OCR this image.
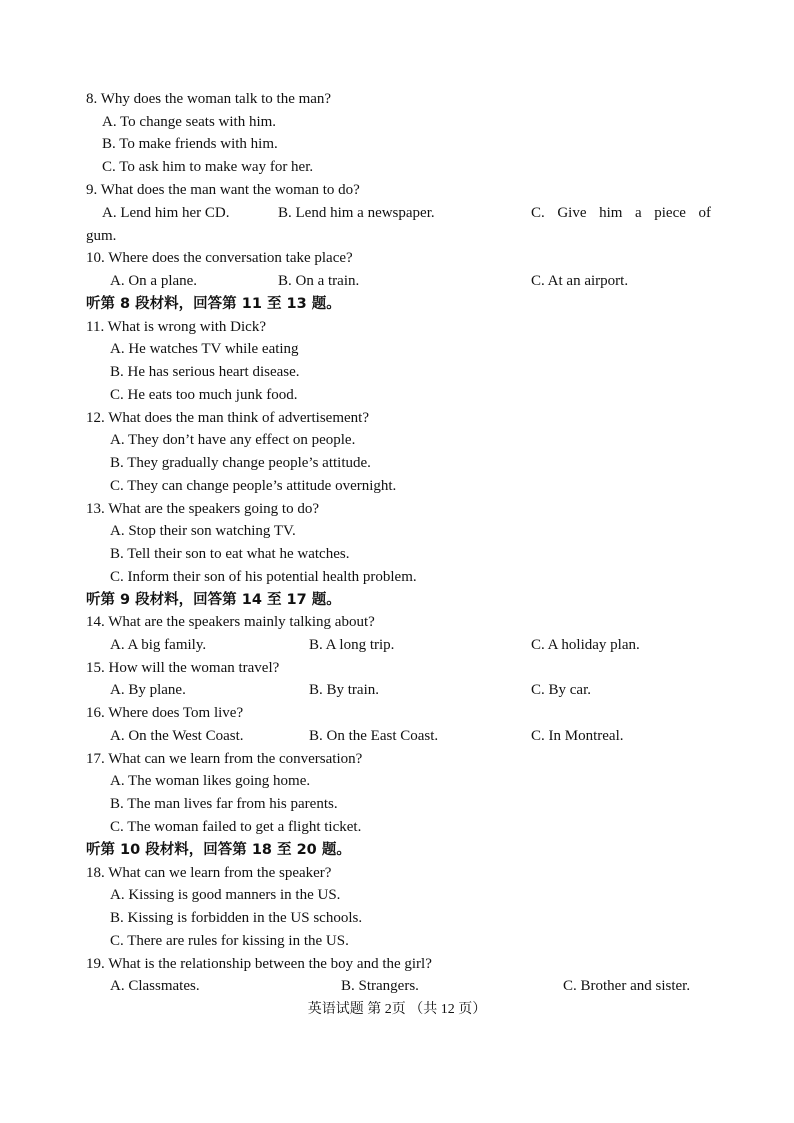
8. Why does the woman talk to the man?
A. To change seats with him.
B. To make friends with him.
C. To ask him to make way for her.
9. What does the man want the woman to do?
A. Lend him her CD.	B. Lend him a newspaper.	C. Give him a piece of
gum.
10. Where does the conversation take place?
A. On a plane.	B. On a train.	C. At an airport.
听第 8 段材料，回答第 11 至 13 题。
11. What is wrong with Dick?
A. He watches TV while eating
B. He has serious heart disease.
C. He eats too much junk food.
12. What does the man think of advertisement?
A. They don’t have any effect on people.
B. They gradually change people’s attitude.
C. They can change people’s attitude overnight.
13. What are the speakers going to do?
A. Stop their son watching TV.
B. Tell their son to eat what he watches.
C. Inform their son of his potential health problem.
听第 9 段材料，回答第 14 至 17 题。
14. What are the speakers mainly talking about?
A. A big family.	B. A long trip.	C. A holiday plan.
15. How will the woman travel?
A. By plane.	B. By train.	C. By car.
16. Where does Tom live?
A. On the West Coast.	B. On the East Coast.	C. In Montreal.
17. What can we learn from the conversation?
A. The woman likes going home.
B. The man lives far from his parents.
C. The woman failed to get a flight ticket.
听第 10 段材料，回答第 18 至 20 题。
18. What can we learn from the speaker?
A. Kissing is good manners in the US.
B. Kissing is forbidden in the US schools.
C. There are rules for kissing in the US.
19. What is the relationship between the boy and the girl?
A. Classmates.	B. Strangers.	C. Brother and sister.
英语试题 第 2页 （共 12 页）
